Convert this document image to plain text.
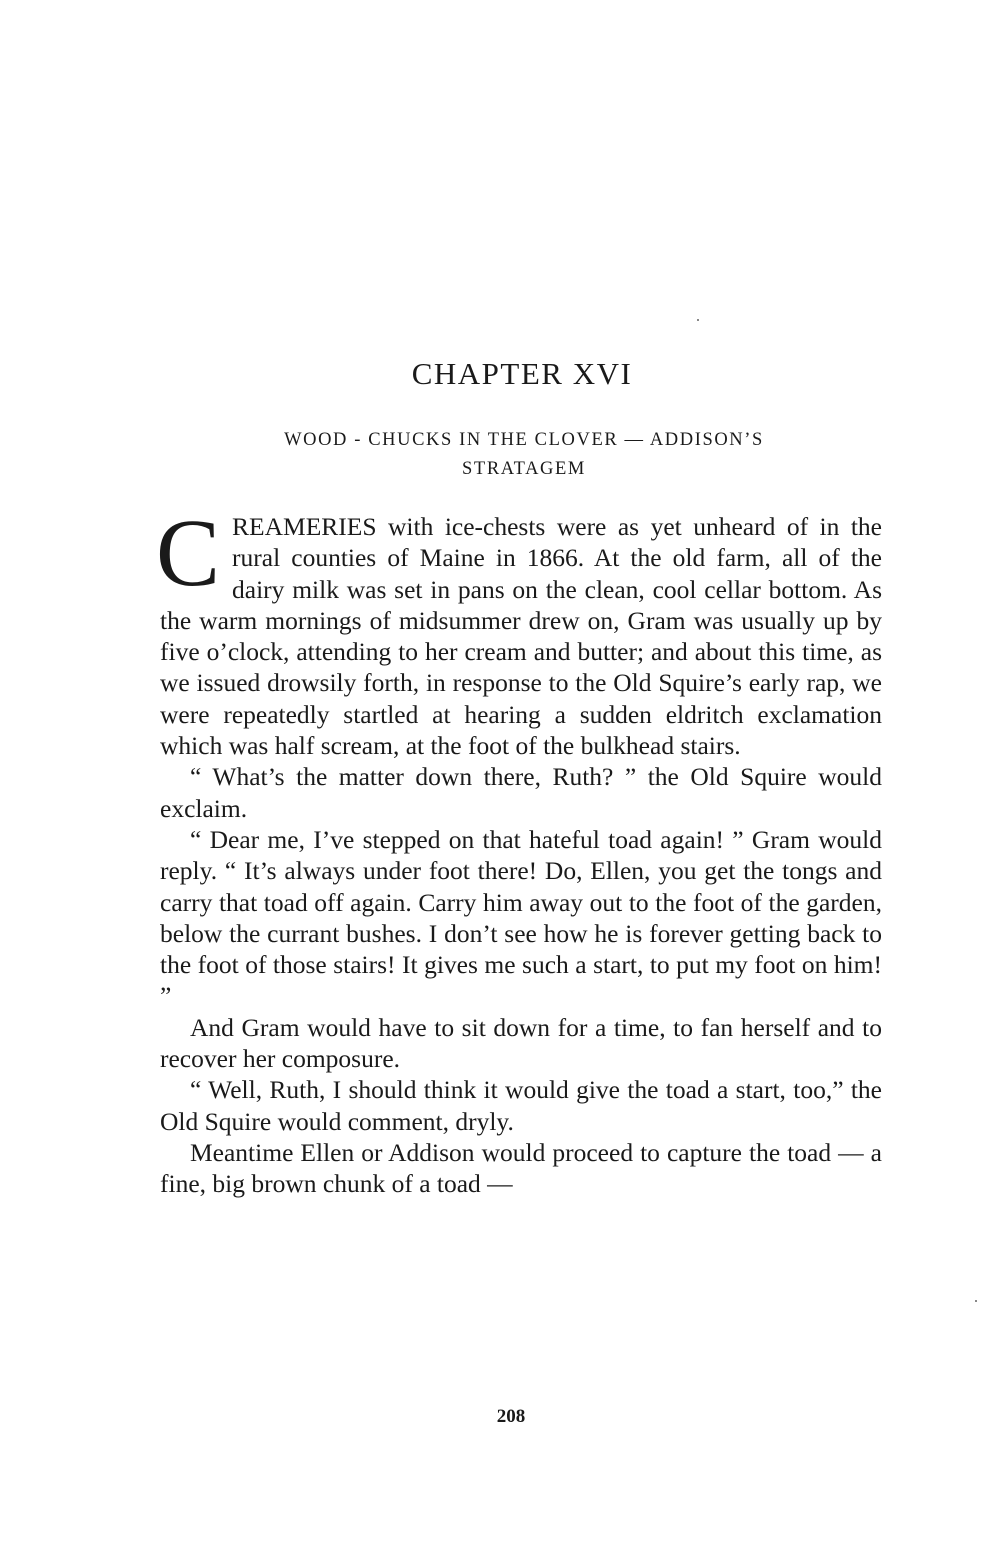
CHAPTER XVI
WOOD - CHUCKS IN THE CLOVER — ADDISON’S
STRATAGEM

CREAMERIES with ice-chests were as yet unheard of in the rural counties of Maine in 1866. At the old farm, all of the dairy milk was set in pans on the clean, cool cellar bottom. As the warm mornings of midsummer drew on, Gram was usually up by five o’clock, attending to her cream and butter; and about this time, as we issued drowsily forth, in response to the Old Squire’s early rap, we were repeatedly startled at hearing a sudden eldritch exclamation which was half scream, at the foot of the bulkhead stairs.

“ What’s the matter down there, Ruth? ” the Old Squire would exclaim.

“ Dear me, I’ve stepped on that hateful toad again! ” Gram would reply. “ It’s always under foot there! Do, Ellen, you get the tongs and carry that toad off again. Carry him away out to the foot of the garden, below the currant bushes. I don’t see how he is forever getting back to the foot of those stairs! It gives me such a start, to put my foot on him! ”

And Gram would have to sit down for a time, to fan herself and to recover her composure.

“ Well, Ruth, I should think it would give the toad a start, too,” the Old Squire would comment, dryly.

Meantime Ellen or Addison would proceed to capture the toad — a fine, big brown chunk of a toad —

208
